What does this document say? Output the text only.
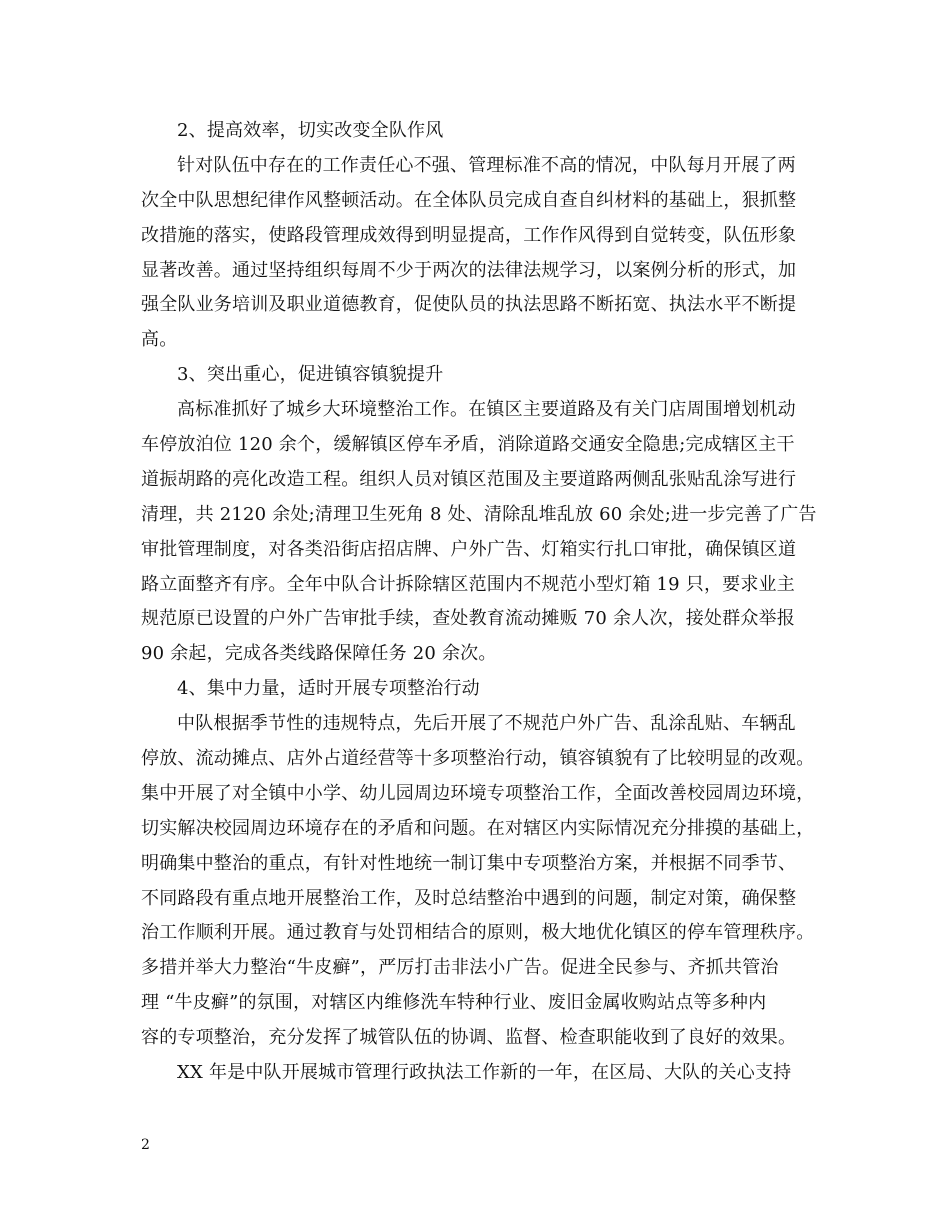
2、提高效率，切实改变全队作风
针对队伍中存在的工作责任心不强、管理标准不高的情况，中队每月开展了两
次全中队思想纪律作风整顿活动。在全体队员完成自查自纠材料的基础上，狠抓整
改措施的落实，使路段管理成效得到明显提高，工作作风得到自觉转变，队伍形象
显著改善。通过坚持组织每周不少于两次的法律法规学习，以案例分析的形式，加
强全队业务培训及职业道德教育，促使队员的执法思路不断拓宽、执法水平不断提
高。
3、突出重心，促进镇容镇貌提升
高标准抓好了城乡大环境整治工作。在镇区主要道路及有关门店周围增划机动
车停放泊位 120 余个，缓解镇区停车矛盾，消除道路交通安全隐患;完成辖区主干
道振胡路的亮化改造工程。组织人员对镇区范围及主要道路两侧乱张贴乱涂写进行
清理，共 2120 余处;清理卫生死角 8 处、清除乱堆乱放 60 余处;进一步完善了广告
审批管理制度，对各类沿街店招店牌、户外广告、灯箱实行扎口审批，确保镇区道
路立面整齐有序。全年中队合计拆除辖区范围内不规范小型灯箱 19 只，要求业主
规范原已设置的户外广告审批手续，查处教育流动摊贩 70 余人次，接处群众举报
90 余起，完成各类线路保障任务 20 余次。
4、集中力量，适时开展专项整治行动
中队根据季节性的违规特点，先后开展了不规范户外广告、乱涂乱贴、车辆乱
停放、流动摊点、店外占道经营等十多项整治行动，镇容镇貌有了比较明显的改观。
集中开展了对全镇中小学、幼儿园周边环境专项整治工作，全面改善校园周边环境，
切实解决校园周边环境存在的矛盾和问题。在对辖区内实际情况充分排摸的基础上，
明确集中整治的重点，有针对性地统一制订集中专项整治方案，并根据不同季节、
不同路段有重点地开展整治工作，及时总结整治中遇到的问题，制定对策，确保整
治工作顺利开展。通过教育与处罚相结合的原则，极大地优化镇区的停车管理秩序。
多措并举大力整治“牛皮癣”，严厉打击非法小广告。促进全民参与、齐抓共管治
理 “牛皮癣”的氛围，对辖区内维修洗车特种行业、废旧金属收购站点等多种内
容的专项整治，充分发挥了城管队伍的协调、监督、检查职能收到了良好的效果。
XX 年是中队开展城市管理行政执法工作新的一年，在区局、大队的关心支持
2
